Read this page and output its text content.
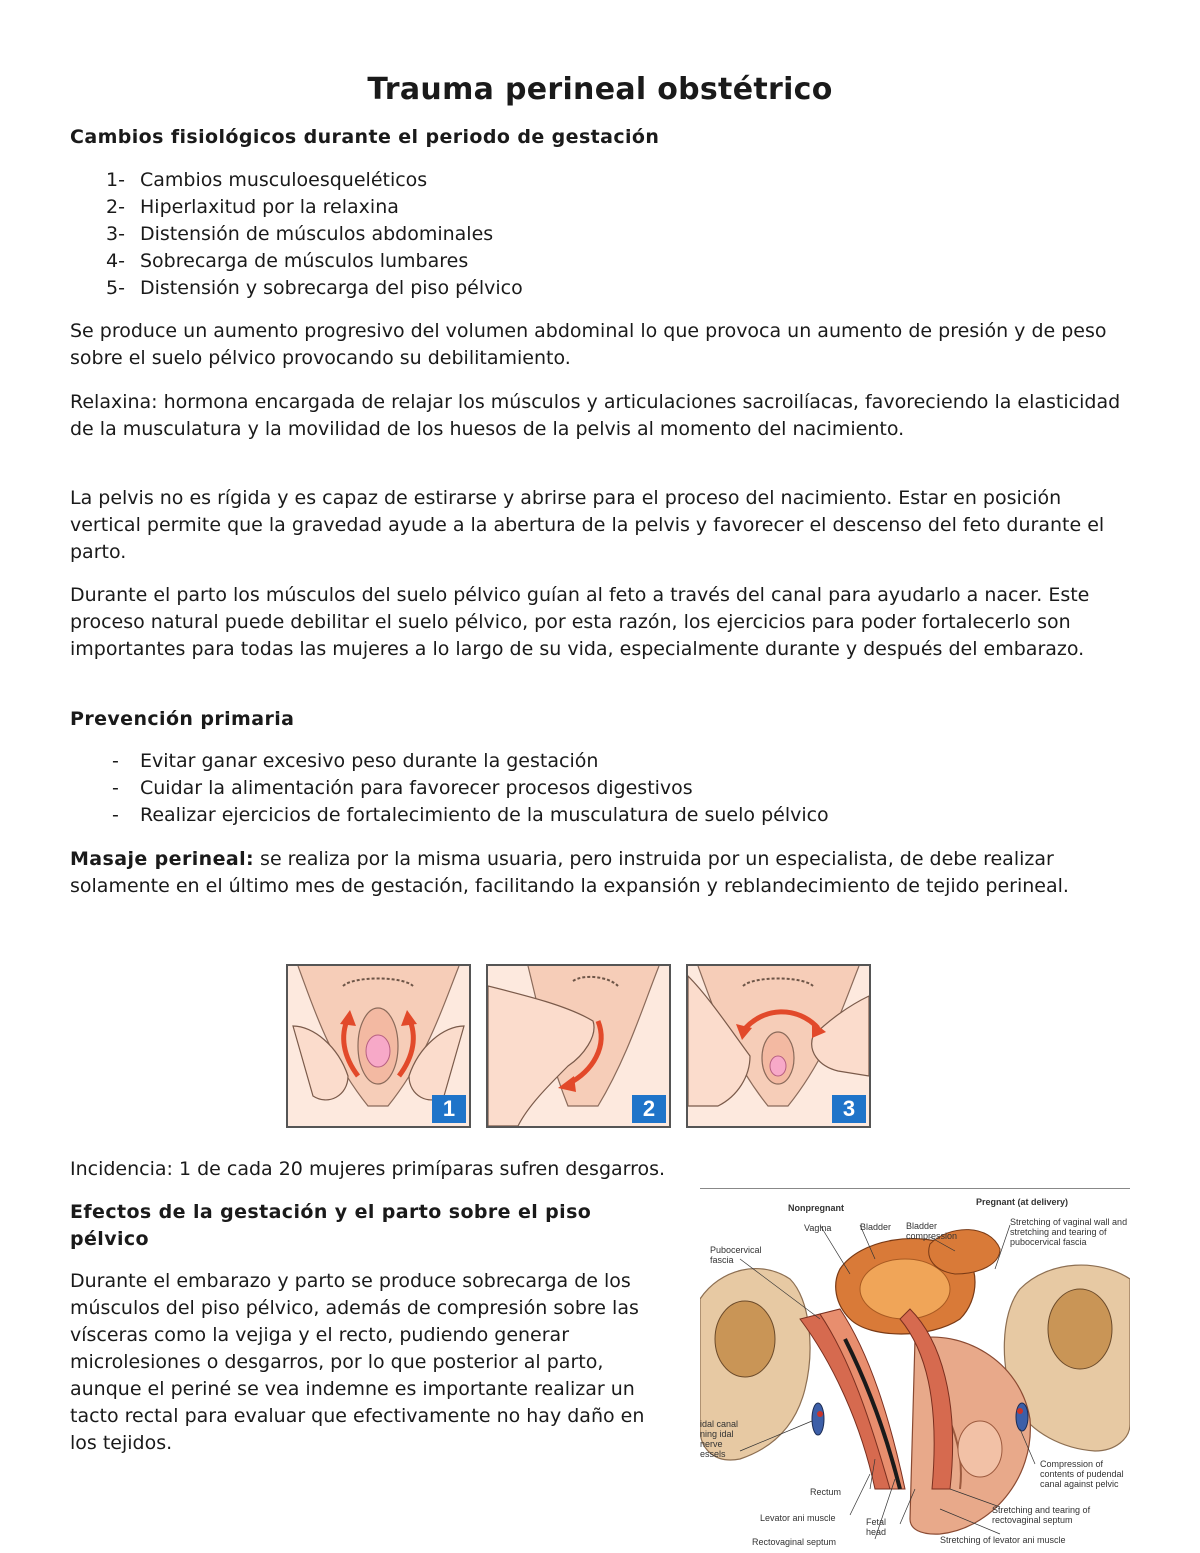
Trauma perineal obstétrico
Cambios fisiológicos durante el periodo de gestación
1- Cambios musculoesqueléticos
2- Hiperlaxitud por la relaxina
3- Distensión de músculos abdominales
4- Sobrecarga de músculos lumbares
5- Distensión y sobrecarga del piso pélvico

Se produce un aumento progresivo del volumen abdominal lo que provoca un aumento de presión y de peso sobre el suelo pélvico provocando su debilitamiento.

Relaxina: hormona encargada de relajar los músculos y articulaciones sacroilíacas, favoreciendo la elasticidad de la musculatura y la movilidad de los huesos de la pelvis al momento del nacimiento.

La pelvis no es rígida y es capaz de estirarse y abrirse para el proceso del nacimiento. Estar en posición vertical permite que la gravedad ayude a la abertura de la pelvis y favorecer el descenso del feto durante el parto.

Durante el parto los músculos del suelo pélvico guían al feto a través del canal para ayudarlo a nacer. Este proceso natural puede debilitar el suelo pélvico, por esta razón, los ejercicios para poder fortalecerlo son importantes para todas las mujeres a lo largo de su vida, especialmente durante y después del embarazo.

Prevención primaria
- Evitar ganar excesivo peso durante la gestación
- Cuidar la alimentación para favorecer procesos digestivos
- Realizar ejercicios de fortalecimiento de la musculatura de suelo pélvico

Masaje perineal: se realiza por la misma usuaria, pero instruida por un especialista, de debe realizar solamente en el último mes de gestación, facilitando la expansión y reblandecimiento de tejido perineal.

1	2	3

Incidencia: 1 de cada 20 mujeres primíparas sufren desgarros.

Efectos de la gestación y el parto sobre el piso pélvico

Durante el embarazo y parto se produce sobrecarga de los músculos del piso pélvico, además de compresión sobre las vísceras como la vejiga y el recto, pudiendo generar microlesiones o desgarros, por lo que posterior al parto, aunque el periné se vea indemne es importante realizar un tacto rectal para evaluar que efectivamente no hay daño en los tejidos.

Nonpregnant
Pregnant (at delivery)
Vagina	Bladder Bladder compression
Stretching of vaginal wall and stretching and tearing of pubocervical fascia
Pubocervical fascia
idal canal ning idal nerve essels
Compression of contents of pudendal canal against pelvic
Rectum
Levator ani muscle	Fetal head
Stretching and tearing of rectovaginal septum
Rectovaginal septum	Stretching of levator ani muscle
